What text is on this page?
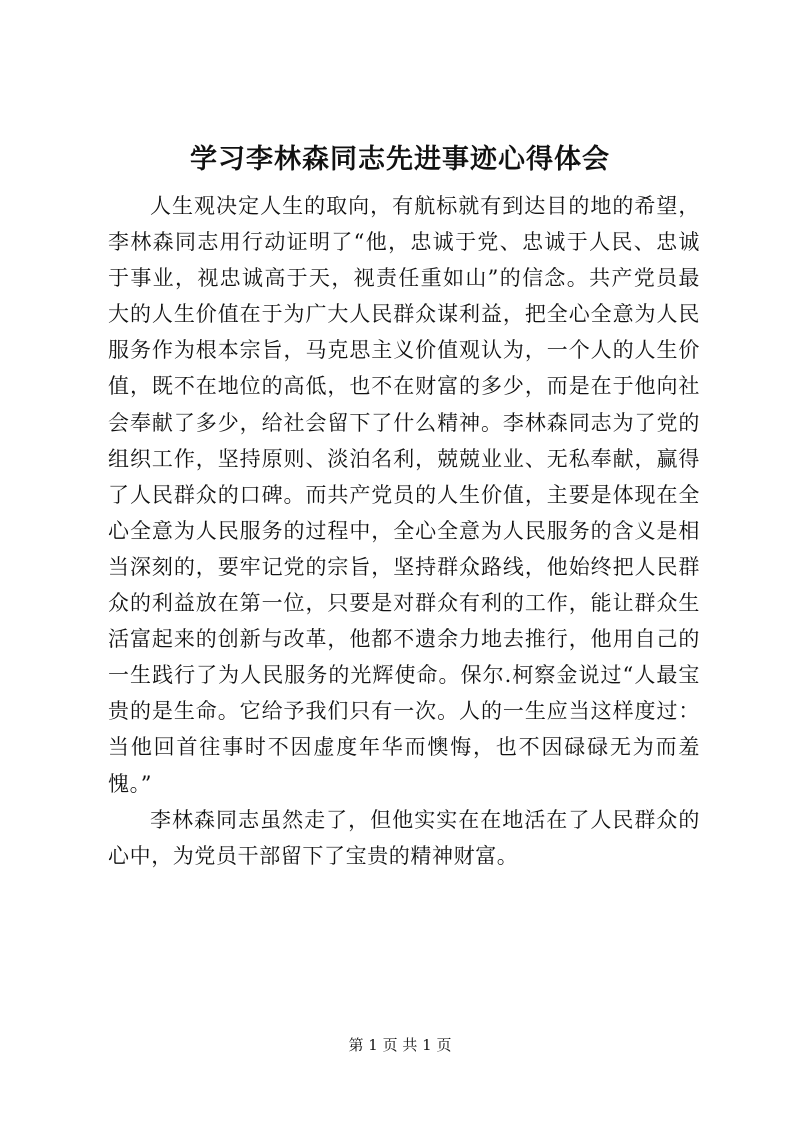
学习李林森同志先进事迹心得体会

人生观决定人生的取向，有航标就有到达目的地的希望，李林森同志用行动证明了“他，忠诚于党、忠诚于人民、忠诚于事业，视忠诚高于天，视责任重如山”的信念。共产党员最大的人生价值在于为广大人民群众谋利益，把全心全意为人民服务作为根本宗旨，马克思主义价值观认为，一个人的人生价值，既不在地位的高低，也不在财富的多少，而是在于他向社会奉献了多少，给社会留下了什么精神。李林森同志为了党的组织工作，坚持原则、淡泊名利，兢兢业业、无私奉献，赢得了人民群众的口碑。而共产党员的人生价值，主要是体现在全心全意为人民服务的过程中，全心全意为人民服务的含义是相当深刻的，要牢记党的宗旨，坚持群众路线，他始终把人民群众的利益放在第一位，只要是对群众有利的工作，能让群众生活富起来的创新与改革，他都不遗余力地去推行，他用自己的一生践行了为人民服务的光辉使命。保尔.柯察金说过“人最宝贵的是生命。它给予我们只有一次。人的一生应当这样度过：当他回首往事时不因虚度年华而懊悔，也不因碌碌无为而羞愧。”

李林森同志虽然走了，但他实实在在地活在了人民群众的心中，为党员干部留下了宝贵的精神财富。

第 1 页 共 1 页
